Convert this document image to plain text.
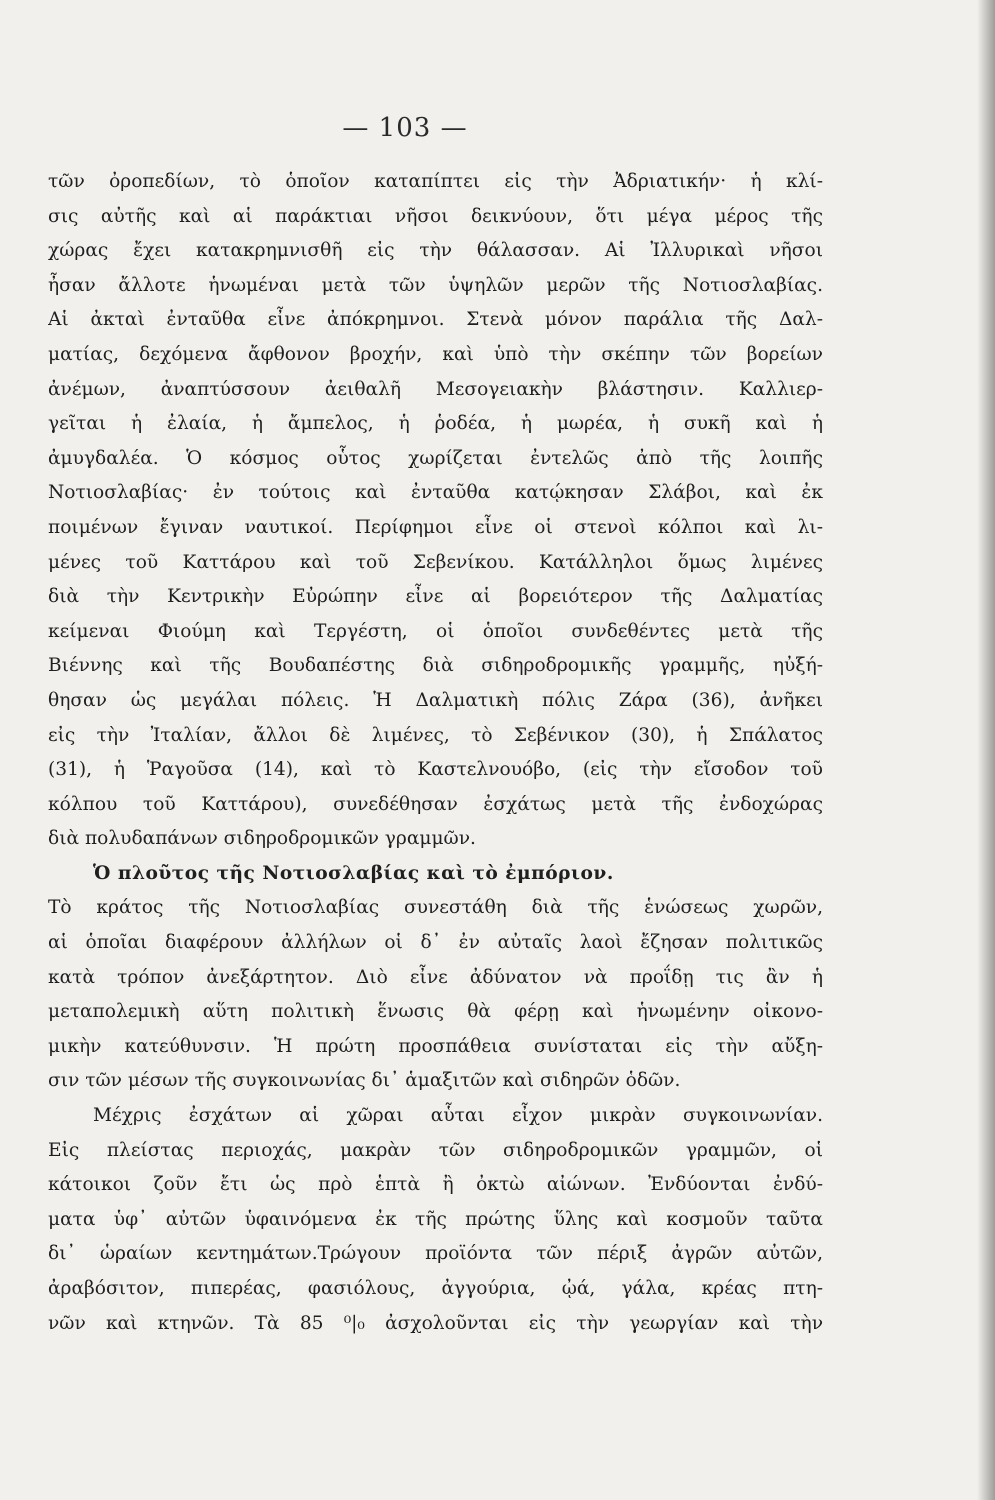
— 103 —
τῶν ὀροπεδίων, τὸ ὁποῖον καταπίπτει εἰς τὴν Ἀδριατικήν· ἡ κλί-
σις αὐτῆς καὶ αἱ παράκτιαι νῆσοι δεικνύουν, ὅτι μέγα μέρος τῆς
χώρας ἔχει κατακρημνισθῆ εἰς τὴν θάλασσαν. Αἱ Ἰλλυρικαὶ νῆσοι
ἦσαν ἄλλοτε ἡνωμέναι μετὰ τῶν ὑψηλῶν μερῶν τῆς Νοτιοσλαβίας.
Αἱ ἀκταὶ ἐνταῦθα εἶνε ἀπόκρημνοι. Στενὰ μόνον παράλια τῆς Δαλ-
ματίας, δεχόμενα ἄφθονον βροχήν, καὶ ὑπὸ τὴν σκέπην τῶν βορείων
ἀνέμων, ἀναπτύσσουν ἀειθαλῆ Μεσογειακὴν βλάστησιν. Καλλιερ-
γεῖται ἡ ἐλαία, ἡ ἄμπελος, ἡ ῥοδέα, ἡ μωρέα, ἡ συκῆ καὶ ἡ
ἀμυγδαλέα. Ὁ κόσμος οὗτος χωρίζεται ἐντελῶς ἀπὸ τῆς λοιπῆς
Νοτιοσλαβίας· ἐν τούτοις καὶ ἐνταῦθα κατῴκησαν Σλάβοι, καὶ ἐκ
ποιμένων ἔγιναν ναυτικοί. Περίφημοι εἶνε οἱ στενοὶ κόλποι καὶ λι-
μένες τοῦ Καττάρου καὶ τοῦ Σεβενίκου. Κατάλληλοι ὅμως λιμένες
διὰ τὴν Κεντρικὴν Εὐρώπην εἶνε αἱ βορειότερον τῆς Δαλματίας
κείμεναι Φιούμη καὶ Τεργέστη, οἱ ὁποῖοι συνδεθέντες μετὰ τῆς
Βιέννης καὶ τῆς Βουδαπέστης διὰ σιδηροδρομικῆς γραμμῆς, ηὐξή-
θησαν ὡς μεγάλαι πόλεις. Ἡ Δαλματικὴ πόλις Ζάρα (36), ἀνῆκει
εἰς τὴν Ἰταλίαν, ἄλλοι δὲ λιμένες, τὸ Σεβένικον (30), ἡ Σπάλατος
(31), ἡ Ῥαγοῦσα (14), καὶ τὸ Καστελνουόβο, (εἰς τὴν εἴσοδον τοῦ
κόλπου τοῦ Καττάρου), συνεδέθησαν ἐσχάτως μετὰ τῆς ἐνδοχώρας
διὰ πολυδαπάνων σιδηροδρομικῶν γραμμῶν.
Ὁ πλοῦτος τῆς Νοτιοσλαβίας καὶ τὸ ἐμπόριον.
Τὸ κράτος τῆς Νοτιοσλαβίας συνεστάθη διὰ τῆς ἑνώσεως χωρῶν,
αἱ ὁποῖαι διαφέρουν ἀλλήλων οἱ δ᾽ ἐν αὐταῖς λαοὶ ἔζησαν πολιτικῶς
κατὰ τρόπον ἀνεξάρτητον. Διὸ εἶνε ἀδύνατον νὰ προΐδῃ τις ἂν ἡ
μεταπολεμικὴ αὕτη πολιτικὴ ἕνωσις θὰ φέρῃ καὶ ἡνωμένην οἰκονο-
μικὴν κατεύθυνσιν. Ἡ πρώτη προσπάθεια συνίσταται εἰς τὴν αὔξη-
σιν τῶν μέσων τῆς συγκοινωνίας δι᾽ ἁμαξιτῶν καὶ σιδηρῶν ὁδῶν.
Μέχρις ἐσχάτων αἱ χῶραι αὗται εἶχον μικρὰν συγκοινωνίαν.
Εἰς πλείστας περιοχάς, μακρὰν τῶν σιδηροδρομικῶν γραμμῶν, οἱ
κάτοικοι ζοῦν ἔτι ὡς πρὸ ἑπτὰ ἢ ὀκτὼ αἰώνων. Ἐνδύονται ἐνδύ-
ματα ὑφ᾽ αὐτῶν ὑφαινόμενα ἐκ τῆς πρώτης ὕλης καὶ κοσμοῦν ταῦτα
δι᾽ ὡραίων κεντημάτων.Τρώγουν προϊόντα τῶν πέριξ ἀγρῶν αὐτῶν,
ἀραβόσιτον, πιπερέας, φασιόλους, ἀγγούρια, ᾠά, γάλα, κρέας πτη-
νῶν καὶ κτηνῶν. Τὰ 85 ⁰|₀ ἀσχολοῦνται εἰς τὴν γεωργίαν καὶ τὴν
